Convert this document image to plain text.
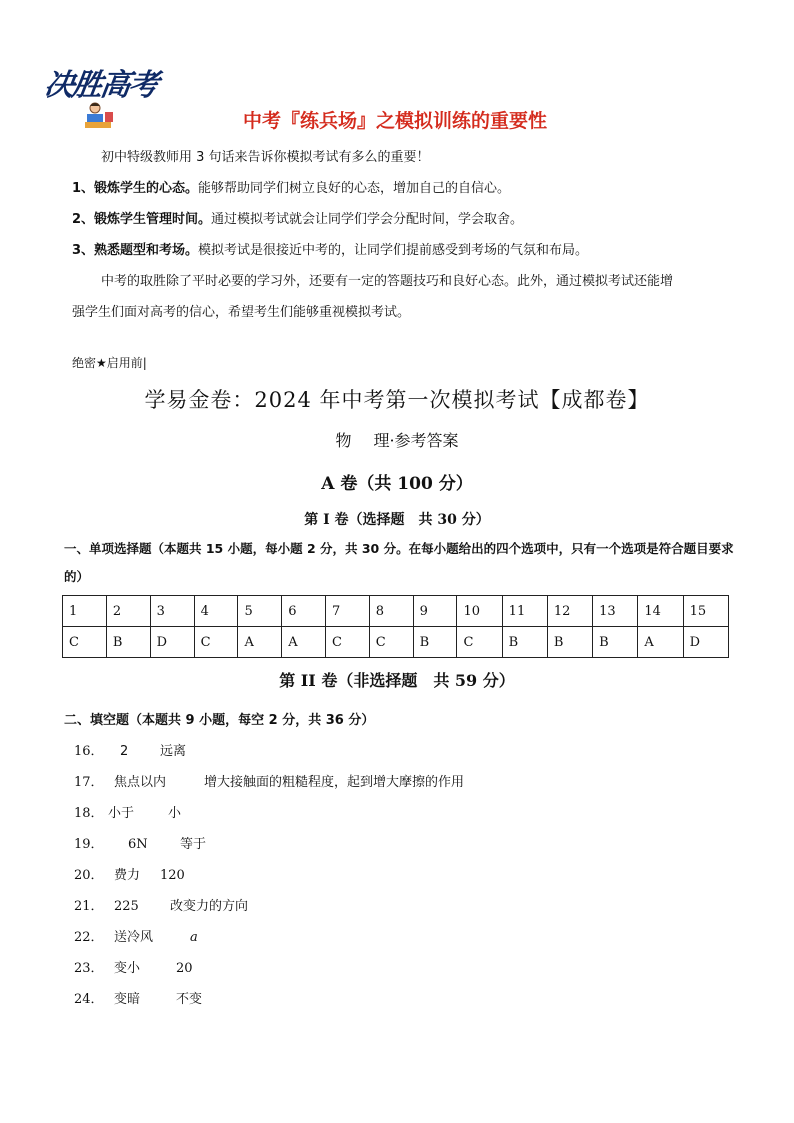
决胜高考
中考『练兵场』之模拟训练的重要性
初中特级教师用 3 句话来告诉你模拟考试有多么的重要！
1、锻炼学生的心态。能够帮助同学们树立良好的心态，增加自己的自信心。
2、锻炼学生管理时间。通过模拟考试就会让同学们学会分配时间，学会取舍。
3、熟悉题型和考场。模拟考试是很接近中考的，让同学们提前感受到考场的气氛和布局。
中考的取胜除了平时必要的学习外，还要有一定的答题技巧和良好心态。此外，通过模拟考试还能增
强学生们面对高考的信心，希望考生们能够重视模拟考试。
绝密★启用前|
学易金卷：2024 年中考第一次模拟考试【成都卷】
物 理·参考答案
A 卷（共 100 分）
第 I 卷（选择题　共 30 分）
一、单项选择题（本题共 15 小题，每小题 2 分，共 30 分。在每小题给出的四个选项中，只有一个选项是符合题目要求的）
1	2	3	4	5	6	7	8	9	10	11	12	13	14	15
C	B	D	C	A	A	C	C	B	C	B	B	B	A	D
第 II 卷（非选择题　共 59 分）
二、填空题（本题共 9 小题，每空 2 分，共 36 分）
16． 2 远离
17． 焦点以内	增大接触面的粗糙程度，起到增大摩擦的作用
18． 小于	小
19． 6N 等于
20． 费力 120
21． 225 改变力的方向
22． 送冷风	a
23． 变小	20
24． 变暗	不变
